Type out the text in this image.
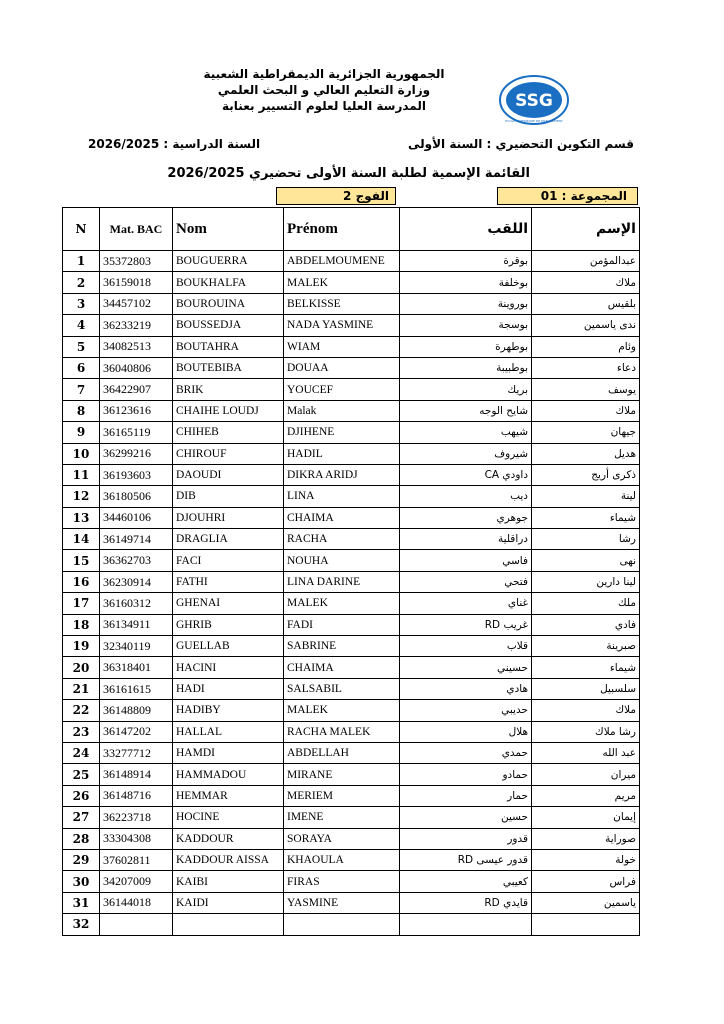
الجمهورية الجزائرية الديمقراطية الشعبية
وزارة التعليم العالي و البحث العلمي
المدرسة العليا لعلوم التسيير بعنابة	SSG
ECOLE SUPERIEURE DE MANAGEMENT
قسم التكوين التحضيري : السنة الأولى
السنة الدراسية : 2026/2025
القائمة الإسمية لطلبة السنة الأولى تحضيري 2026/2025
المجموعة : 01
الفوج 2
N	Mat. BAC	Nom	Prénom	اللقب	الإسم
1	35372803	BOUGUERRA	ABDELMOUMENE	بوقرة	عبدالمؤمن
2	36159018	BOUKHALFA	MALEK	بوخلفة	ملاك
3	34457102	BOUROUINA	BELKISSE	بوروينة	بلقيس
4	36233219	BOUSSEDJA	NADA YASMINE	بوسجة	ندى ياسمين
5	34082513	BOUTAHRA	WIAM	بوطهرة	وئام
6	36040806	BOUTEBIBA	DOUAA	بوطبيبة	دعاء
7	36422907	BRIK	YOUCEF	بريك	يوسف
8	36123616	CHAIHE LOUDJ	Malak	شايح الوجه	ملاك
9	36165119	CHIHEB	DJIHENE	شيهب	جيهان
10	36299216	CHIROUF	HADIL	شيروف	هديل
11	36193603	DAOUDI	DIKRA ARIDJ	داودي CA	ذكرى أريج
12	36180506	DIB	LINA	ديب	لينة
13	34460106	DJOUHRI	CHAIMA	جوهري	شيماء
14	36149714	DRAGLIA	RACHA	دراقلية	رشا
15	36362703	FACI	NOUHA	فاسي	نهى
16	36230914	FATHI	LINA DARINE	فتحي	لينا دارين
17	36160312	GHENAI	MALEK	غناي	ملك
18	36134911	GHRIB	FADI	غريب RD	فادي
19	32340119	GUELLAB	SABRINE	قلاب	صبرينة
20	36318401	HACINI	CHAIMA	حسيني	شيماء
21	36161615	HADI	SALSABIL	هادي	سلسبيل
22	36148809	HADIBY	MALEK	حديبي	ملاك
23	36147202	HALLAL	RACHA MALEK	هلال	رشا ملاك
24	33277712	HAMDI	ABDELLAH	حمدي	عبد الله
25	36148914	HAMMADOU	MIRANE	حمادو	ميران
26	36148716	HEMMAR	MERIEM	حمار	مريم
27	36223718	HOCINE	IMENE	حسين	إيمان
28	33304308	KADDOUR	SORAYA	قدور	صوراية
29	37602811	KADDOUR AISSA	KHAOULA	قدور عيسى RD	خولة
30	34207009	KAIBI	FIRAS	كعيبي	فراس
31	36144018	KAIDI	YASMINE	قايدي RD	ياسمين
32					
